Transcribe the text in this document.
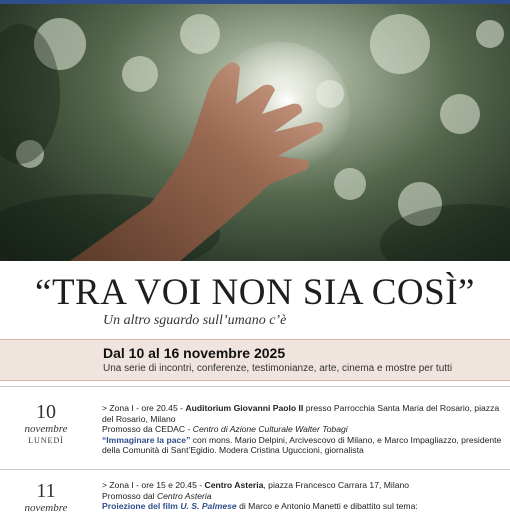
“TRA VOI NON SIA COSÌ”
Un altro sguardo sull’umano c’è
Dal 10 al 16 novembre 2025
Una serie di incontri, conferenze, testimonianze, arte, cinema e mostre per tutti
10
novembre
LUNEDÌ
> Zona I - ore 20.45 - Auditorium Giovanni Paolo II presso Parrocchia Santa Maria del Rosario, piazza del Rosario, Milano
Promosso da CEDAC - Centro di Azione Culturale Walter Tobagi
“Immaginare la pace” con mons. Mario Delpini, Arcivescovo di Milano, e Marco Impagliazzo, presidente della Comunità di Sant’Egidio. Modera Cristina Uguccioni, giornalista
11
novembre
> Zona I - ore 15 e 20.45 - Centro Asteria, piazza Francesco Carrara 17, Milano
Promosso dal Centro Asteria
Proiezione del film U. S. Palmese di Marco e Antonio Manetti e dibattito sul tema:
